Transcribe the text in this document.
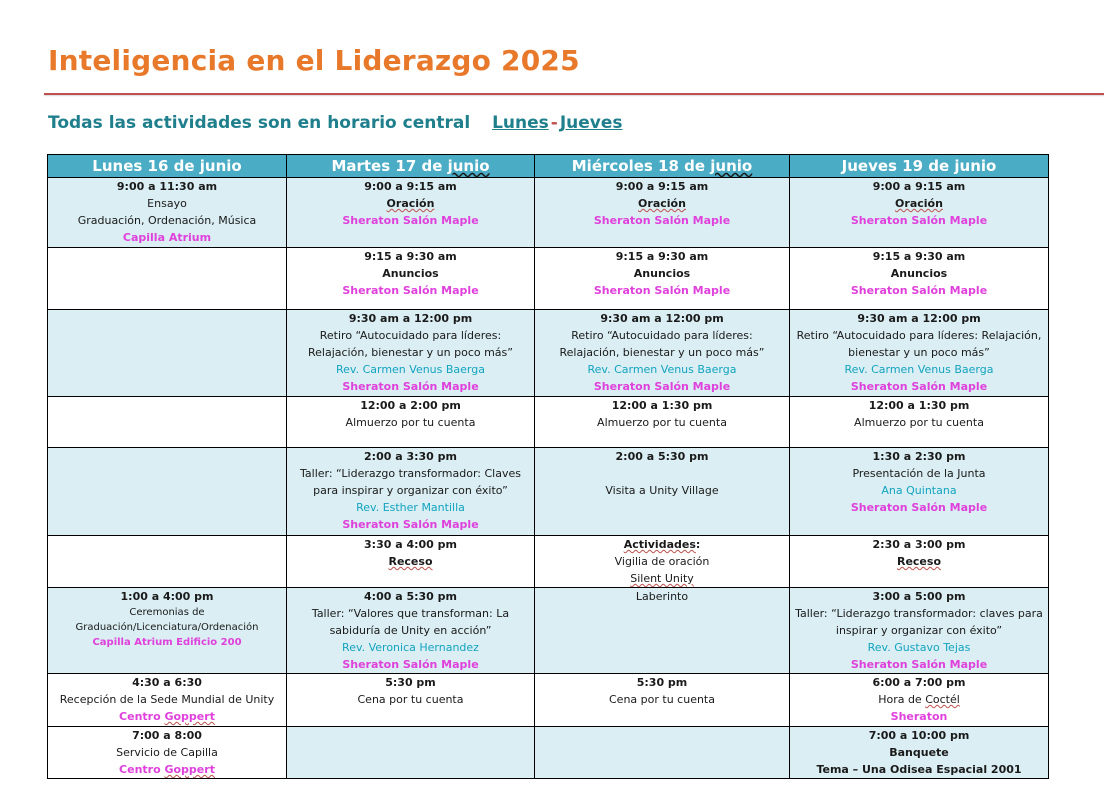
Inteligencia en el Liderazgo 2025
Todas las actividades son en horario central Lunes - Jueves
Lunes 16 de junio	Martes 17 de junio	Miércoles 18 de junio	Jueves 19 de junio

9:00 a 11:30 am
Ensayo
Graduación, Ordenación, Música
Capilla Atrium	9:00 a 9:15 am
Oración
Sheraton Salón Maple	9:00 a 9:15 am
Oración
Sheraton Salón Maple	9:00 a 9:15 am
Oración
Sheraton Salón Maple

	9:15 a 9:30 am
Anuncios
Sheraton Salón Maple	9:15 a 9:30 am
Anuncios
Sheraton Salón Maple	9:15 a 9:30 am
Anuncios
Sheraton Salón Maple

	9:30 am a 12:00 pm
Retiro “Autocuidado para líderes:
Relajación, bienestar y un poco más”
Rev. Carmen Venus Baerga
Sheraton Salón Maple	9:30 am a 12:00 pm
Retiro “Autocuidado para líderes:
Relajación, bienestar y un poco más”
Rev. Carmen Venus Baerga
Sheraton Salón Maple	9:30 am a 12:00 pm
Retiro “Autocuidado para líderes: Relajación,
bienestar y un poco más”
Rev. Carmen Venus Baerga
Sheraton Salón Maple

	12:00 a 2:00 pm
Almuerzo por tu cuenta	12:00 a 1:30 pm
Almuerzo por tu cuenta	12:00 a 1:30 pm
Almuerzo por tu cuenta

	2:00 a 3:30 pm
Taller: “Liderazgo transformador: Claves
para inspirar y organizar con éxito”
Rev. Esther Mantilla
Sheraton Salón Maple	2:00 a 5:30 pm

Visita a Unity Village	1:30 a 2:30 pm
Presentación de la Junta
Ana Quintana
Sheraton Salón Maple

	3:30 a 4:00 pm
Receso	Actividades:
Vigilia de oración
Silent Unity	2:30 a 3:00 pm
Receso

1:00 a 4:00 pm
Ceremonias de
Graduación/Licenciatura/Ordenación
Capilla Atrium Edificio 200	4:00 a 5:30 pm
Taller: “Valores que transforman: La
sabiduría de Unity en acción”
Rev. Veronica Hernandez
Sheraton Salón Maple	Laberinto	3:00 a 5:00 pm
Taller: “Liderazgo transformador: claves para
inspirar y organizar con éxito”
Rev. Gustavo Tejas
Sheraton Salón Maple

4:30 a 6:30
Recepción de la Sede Mundial de Unity
Centro Goppert	5:30 pm
Cena por tu cuenta	5:30 pm
Cena por tu cuenta	6:00 a 7:00 pm
Hora de Coctél
Sheraton

7:00 a 8:00
Servicio de Capilla
Centro Goppert			7:00 a 10:00 pm
Banquete
Tema – Una Odisea Espacial 2001
